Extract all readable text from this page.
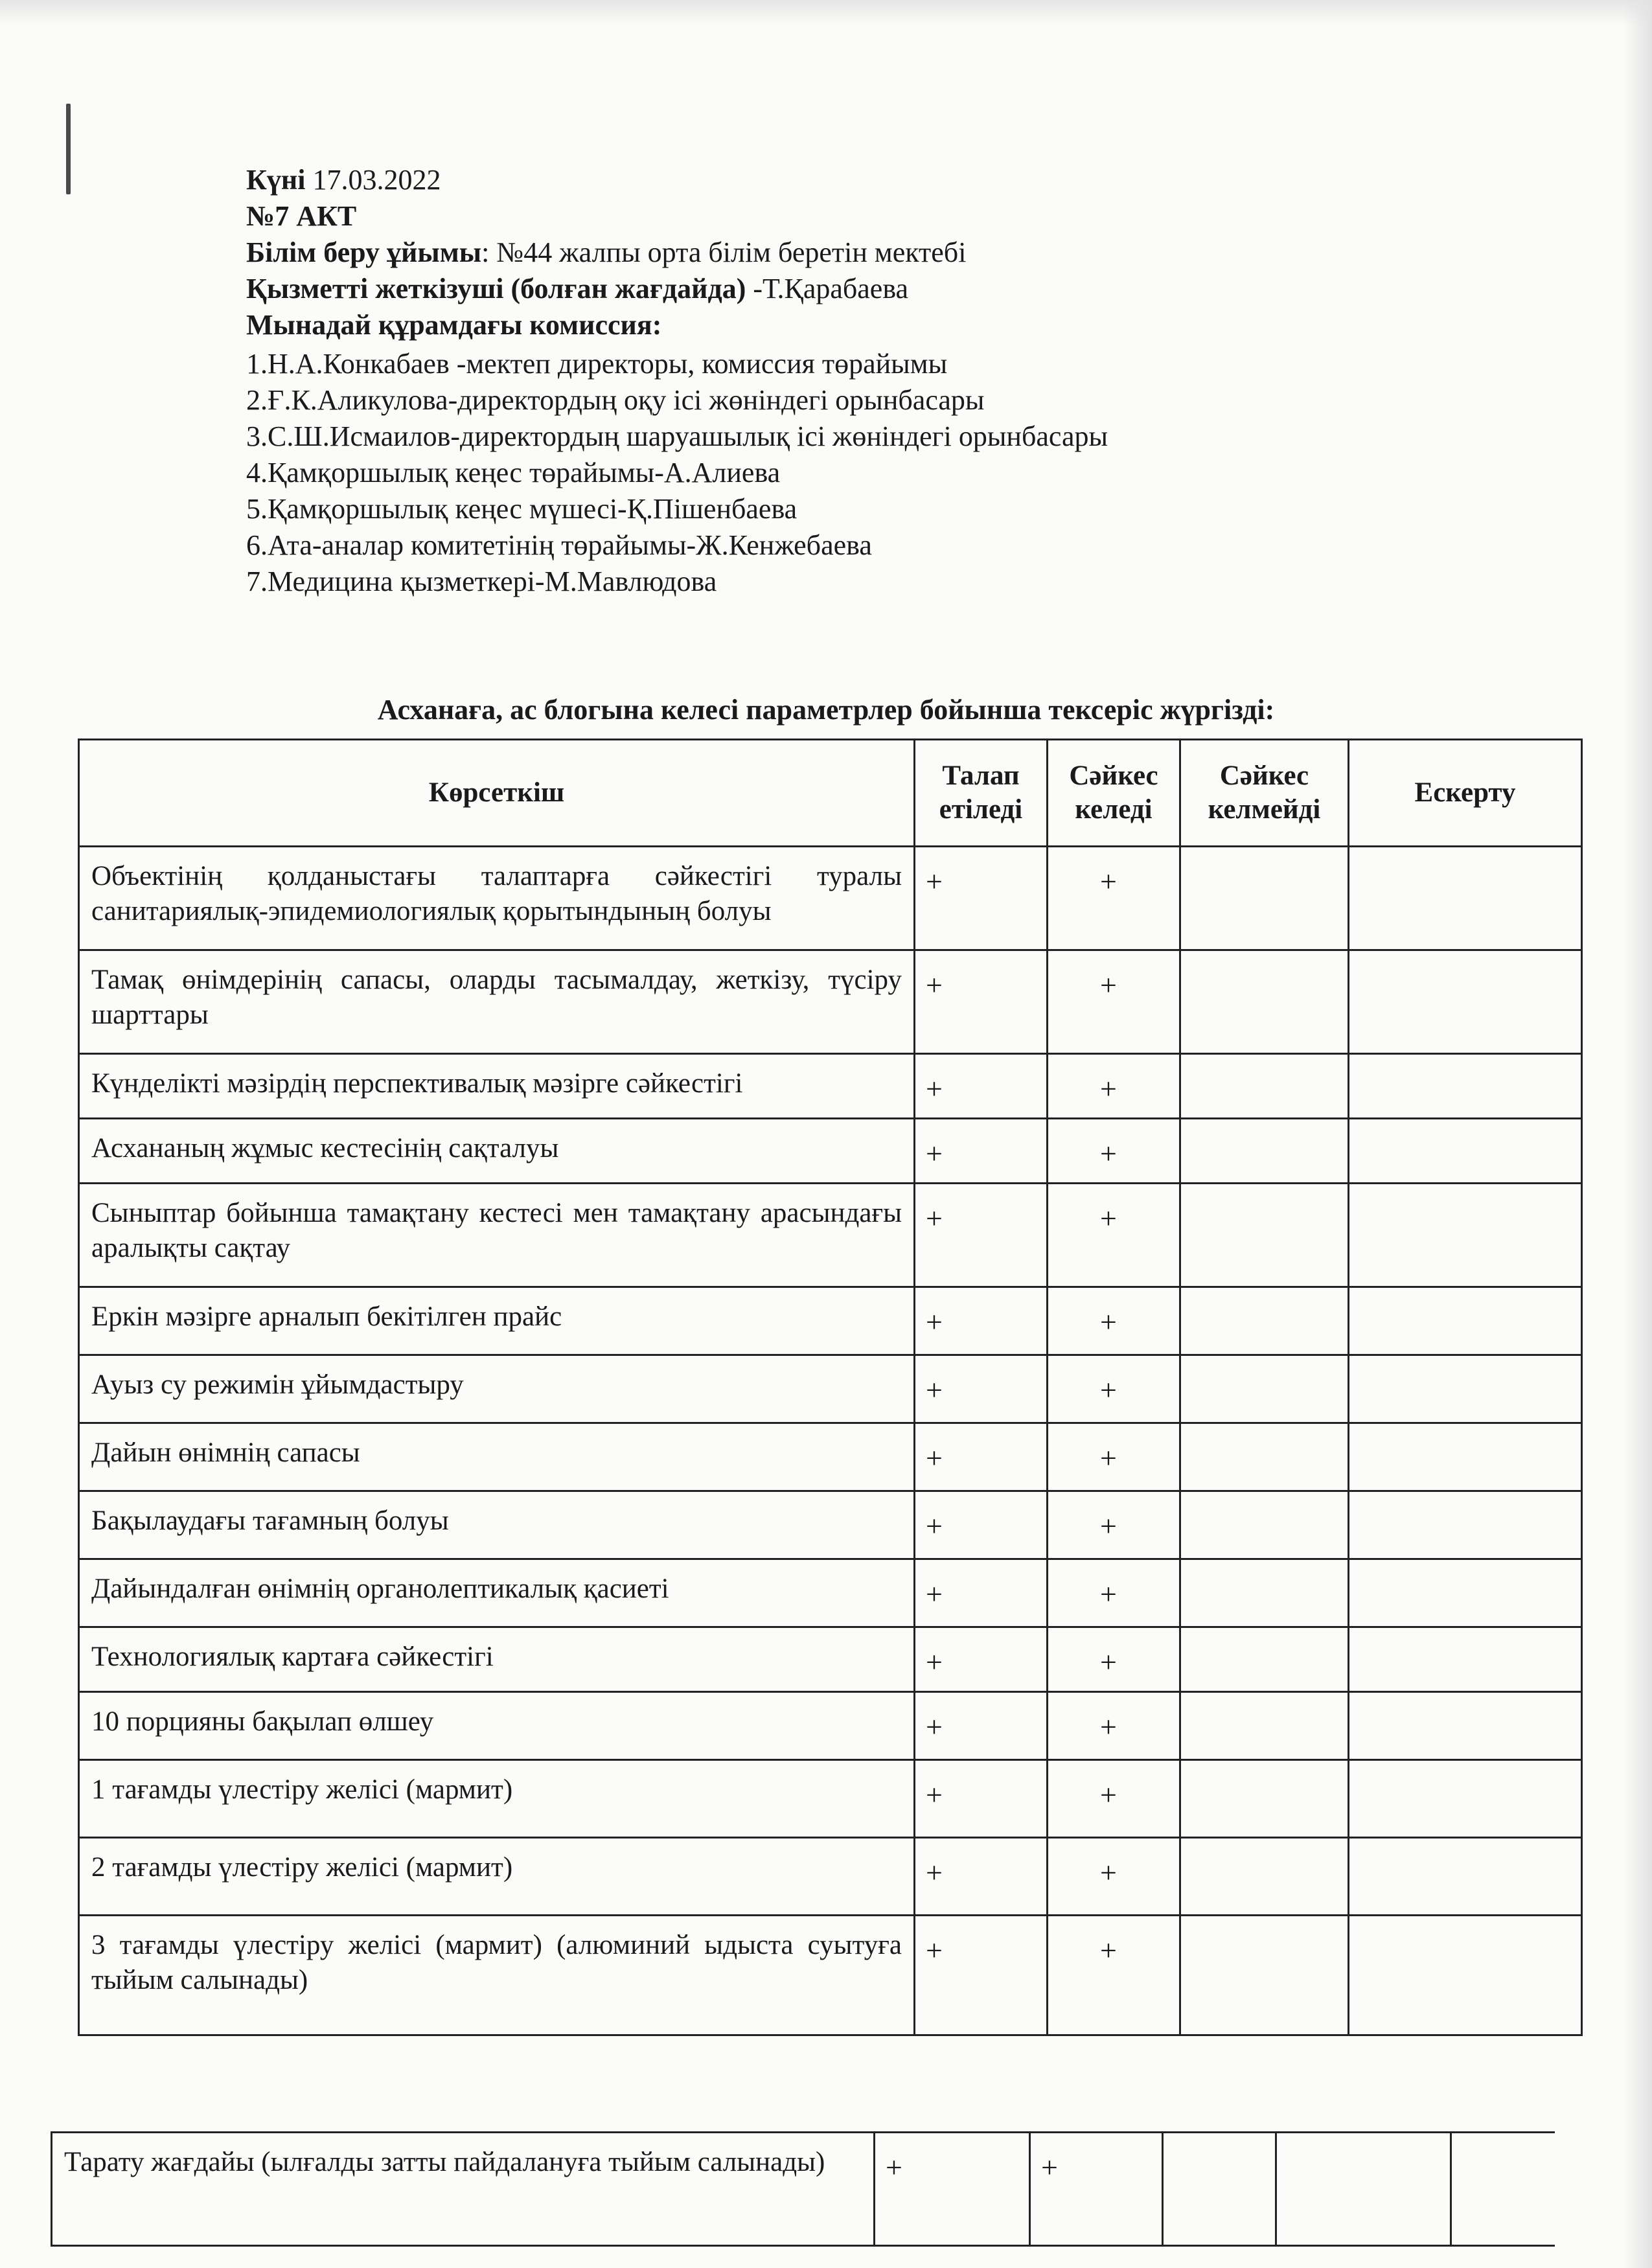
Күні 17.03.2022
№7 АКТ
Білім беру ұйымы: №44 жалпы орта білім беретін мектебі
Қызметті жеткізуші (болған жағдайда) -Т.Қарабаева
Мынадай құрамдағы комиссия:
1.Н.А.Конкабаев -мектеп директоры, комиссия төрайымы
2.Ғ.К.Аликулова-директордың оқу ісі жөніндегі орынбасары
3.С.Ш.Исмаилов-директордың шаруашылық ісі жөніндегі орынбасары
4.Қамқоршылық кеңес төрайымы-А.Алиева
5.Қамқоршылық кеңес мүшесі-Қ.Пішенбаева
6.Ата-аналар комитетінің төрайымы-Ж.Кенжебаева
7.Медицина қызметкері-М.Мавлюдова
Асханаға, ас блогына келесі параметрлер бойынша тексеріс жүргізді:
Көрсеткіш	Талап етіледі	Сәйкес келеді	Сәйкес келмейді	Ескерту
Объектінің қолданыстағы талаптарға сәйкестігі туралы санитариялық-эпидемиологиялық қорытындының болуы	+	+		
Тамақ өнімдерінің сапасы, оларды тасымалдау, жеткізу, түсіру шарттары	+	+		
Күнделікті мәзірдің перспективалық мәзірге сәйкестігі	+	+		
Асхананың жұмыс кестесінің сақталуы	+	+		
Сыныптар бойынша тамақтану кестесі мен тамақтану арасындағы аралықты сақтау	+	+		
Еркін мәзірге арналып бекітілген прайс	+	+		
Ауыз су режимін ұйымдастыру	+	+		
Дайын өнімнің сапасы	+	+		
Бақылаудағы тағамның болуы	+	+		
Дайындалған өнімнің органолептикалық қасиеті	+	+		
Технологиялық картаға сәйкестігі	+	+		
10 порцияны бақылап өлшеу	+	+		
1 тағамды үлестіру желісі (мармит)	+	+		
2 тағамды үлестіру желісі (мармит)	+	+		
3 тағамды үлестіру желісі (мармит) (алюминий ыдыста суытуға тыйым салынады)	+	+		
Тарату жағдайы (ылғалды затты пайдалануға тыйым салынады)	+	+			
